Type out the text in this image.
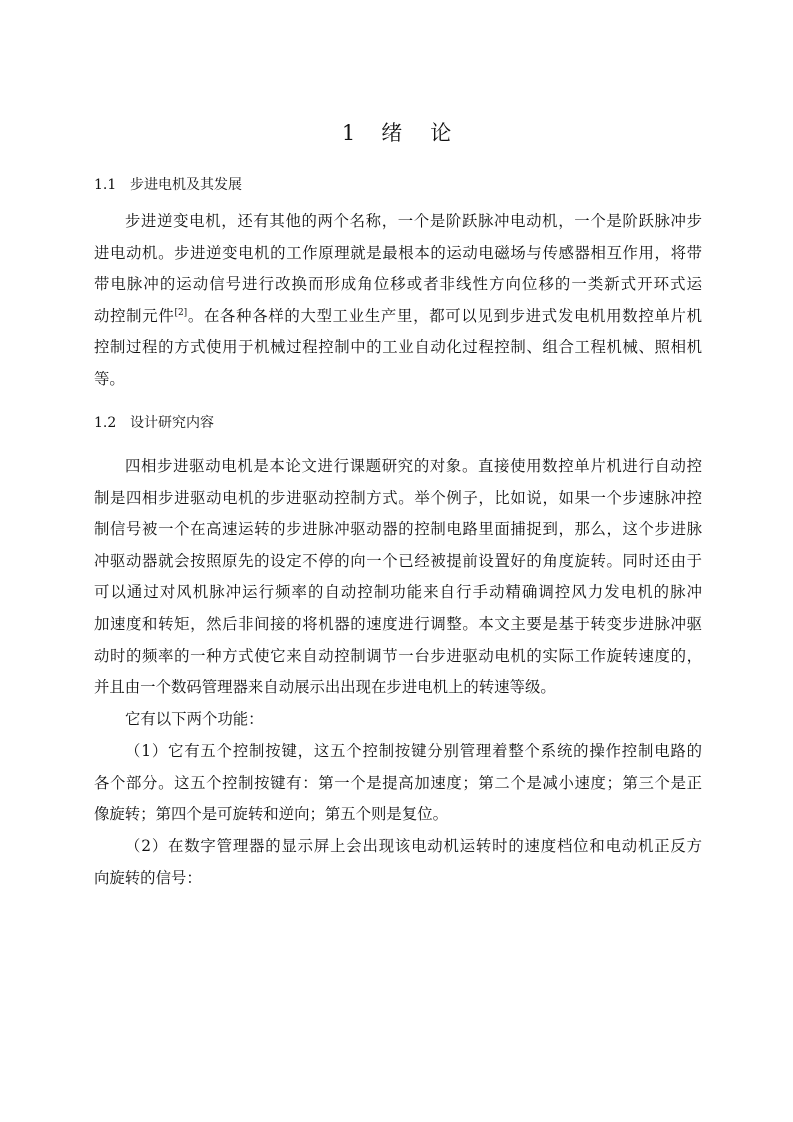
1 绪 论
1.1 步进电机及其发展
步进逆变电机，还有其他的两个名称，一个是阶跃脉冲电动机，一个是阶跃脉冲步
进电动机。步进逆变电机的工作原理就是最根本的运动电磁场与传感器相互作用，将带
带电脉冲的运动信号进行改换而形成角位移或者非线性方向位移的一类新式开环式运
动控制元件[2]。在各种各样的大型工业生产里，都可以见到步进式发电机用数控单片机
控制过程的方式使用于机械过程控制中的工业自动化过程控制、组合工程机械、照相机
等。
1.2 设计研究内容
四相步进驱动电机是本论文进行课题研究的对象。直接使用数控单片机进行自动控
制是四相步进驱动电机的步进驱动控制方式。举个例子，比如说，如果一个步速脉冲控
制信号被一个在高速运转的步进脉冲驱动器的控制电路里面捕捉到，那么，这个步进脉
冲驱动器就会按照原先的设定不停的向一个已经被提前设置好的角度旋转。同时还由于
可以通过对风机脉冲运行频率的自动控制功能来自行手动精确调控风力发电机的脉冲
加速度和转矩，然后非间接的将机器的速度进行调整。本文主要是基于转变步进脉冲驱
动时的频率的一种方式使它来自动控制调节一台步进驱动电机的实际工作旋转速度的，
并且由一个数码管理器来自动展示出出现在步进电机上的转速等级。
它有以下两个功能：
（1）它有五个控制按键，这五个控制按键分别管理着整个系统的操作控制电路的
各个部分。这五个控制按键有：第一个是提高加速度；第二个是减小速度；第三个是正
像旋转；第四个是可旋转和逆向；第五个则是复位。
（2）在数字管理器的显示屏上会出现该电动机运转时的速度档位和电动机正反方
向旋转的信号：
